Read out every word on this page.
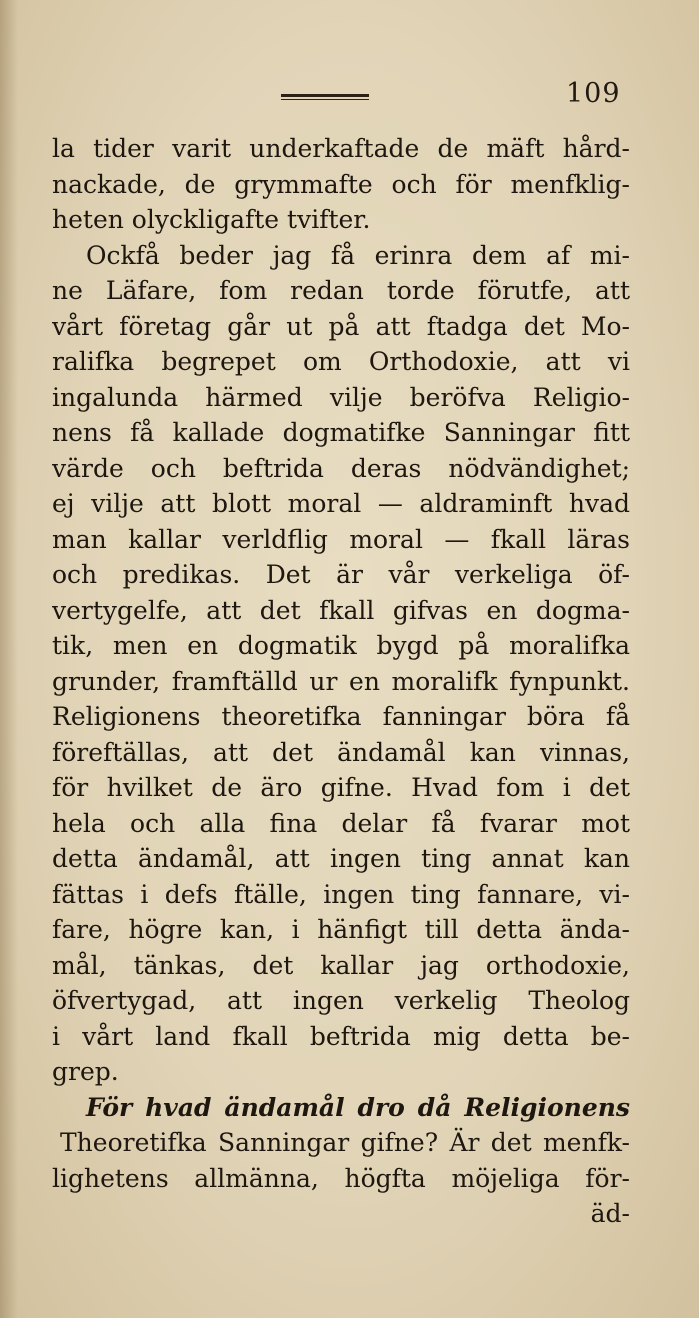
109
la tider varit underkaftade de mäft hård-
nackade, de grymmafte och för menfklig-
heten olyckligafte tvifter.
Ockfå beder jag få erinra dem af mi-
ne Läfare, fom redan torde förutfe, att
vårt företag går ut på att ftadga det Mo-
ralifka begrepet om Orthodoxie, att vi
ingalunda härmed vilje beröfva Religio-
nens få kallade dogmatifke Sanningar fitt
värde och beftrida deras nödvändighet;
ej vilje att blott moral — aldraminft hvad
man kallar verldflig moral — fkall läras
och predikas. Det är vår verkeliga öf-
vertygelfe, att det fkall gifvas en dogma-
tik, men en dogmatik bygd på moralifka
grunder, framftälld ur en moralifk fynpunkt.
Religionens theoretifka fanningar böra få
föreftällas, att det ändamål kan vinnas,
för hvilket de äro gifne. Hvad fom i det
hela och alla fina delar få fvarar mot
detta ändamål, att ingen ting annat kan
fättas i defs ftälle, ingen ting fannare, vi-
fare, högre kan, i hänfigt till detta ända-
mål, tänkas, det kallar jag orthodoxie,
öfvertygad, att ingen verkelig Theolog
i vårt land fkall beftrida mig detta be-
grep.
För hvad ändamål dro då Religionens
Theoretifka Sanningar gifne? Är det menfk-
lighetens allmänna, högfta möjeliga för-
äd-
